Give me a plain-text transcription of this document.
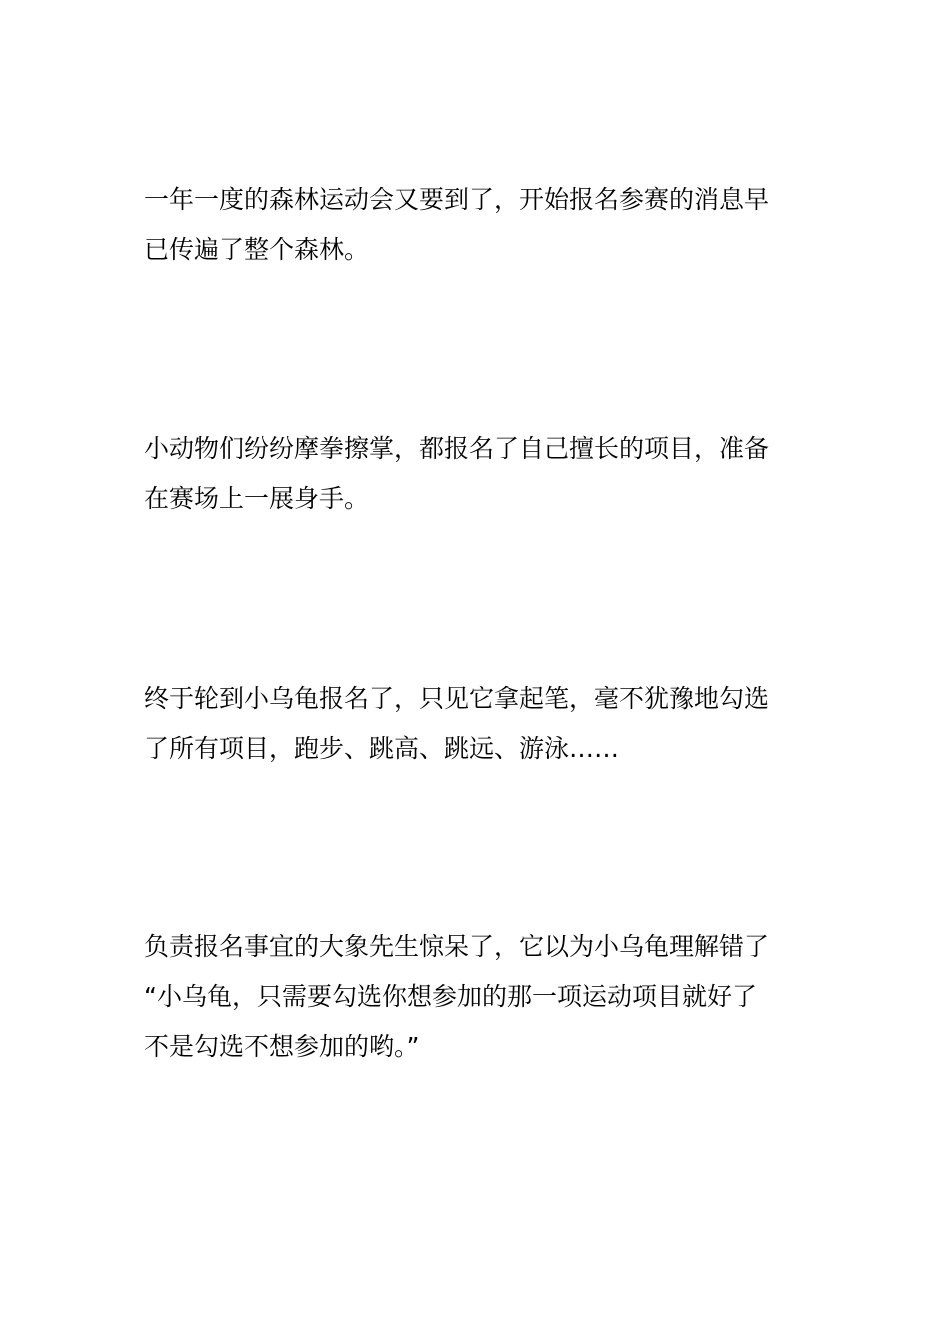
一年一度的森林运动会又要到了，开始报名参赛的消息早
已传遍了整个森林。

小动物们纷纷摩拳擦掌，都报名了自己擅长的项目，准备
在赛场上一展身手。

终于轮到小乌龟报名了，只见它拿起笔，毫不犹豫地勾选
了所有项目，跑步、跳高、跳远、游泳……

负责报名事宜的大象先生惊呆了，它以为小乌龟理解错了
“小乌龟，只需要勾选你想参加的那一项运动项目就好了
不是勾选不想参加的哟。”
